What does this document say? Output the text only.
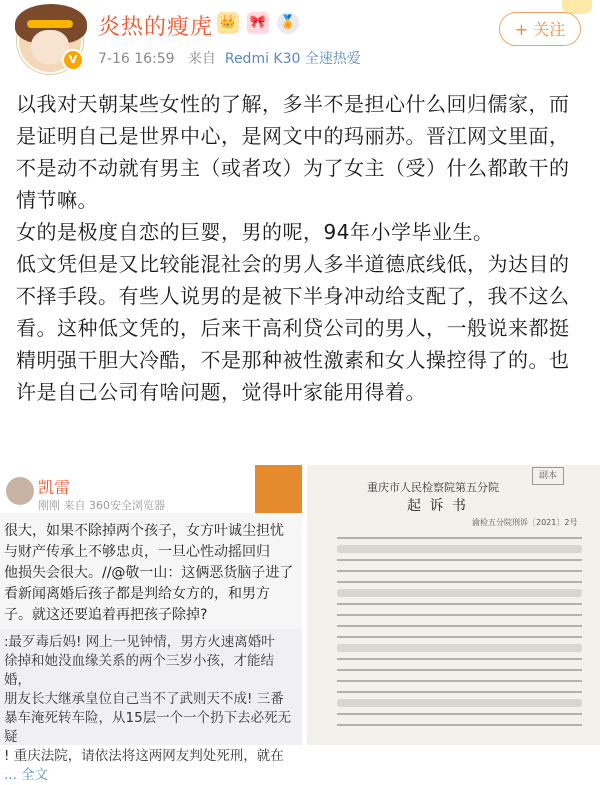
V
炎热的瘦虎 👑 🎀 🏅
7-16 16:59 来自 Redmi K30 全速热爱
+ 关注

以我对天朝某些女性的了解，多半不是担心什么回归儒家，而是证明自己是世界中心，是网文中的玛丽苏。晋江网文里面，不是动不动就有男主（或者攻）为了女主（受）什么都敢干的情节嘛。

女的是极度自恋的巨婴，男的呢，94年小学毕业生。

低文凭但是又比较能混社会的男人多半道德底线低，为达目的不择手段。有些人说男的是被下半身冲动给支配了，我不这么看。这种低文凭的，后来干高利贷公司的男人，一般说来都挺精明强干胆大冷酷，不是那种被性激素和女人操控得了的。也许是自己公司有啥问题，觉得叶家能用得着。

凯雷
刚刚 来自 360安全浏览器

很大，如果不除掉两个孩子，女方叶诚尘担忧

与财产传承上不够忠贞，一旦心性动摇回归

他损失会很大。//@敬一山：这俩恶货脑子进了

看新闻离婚后孩子都是判给女方的，和男方

子。就这还要追着再把孩子除掉?

:最歹毒后妈! 网上一见钟情，男方火速离婚叶

徐掉和她没血缘关系的两个三岁小孩，才能结婚，

朋友长大继承皇位自己当不了武则天不成! 三番

暴车淹死转车险，从15层一个一个扔下去必死无疑

! 重庆法院，请依法将这两网友判处死刑，就在

... 全文

副本
重庆市人民检察院第五分院
起 诉 书
渝检五分院刑诉〔2021〕2号
